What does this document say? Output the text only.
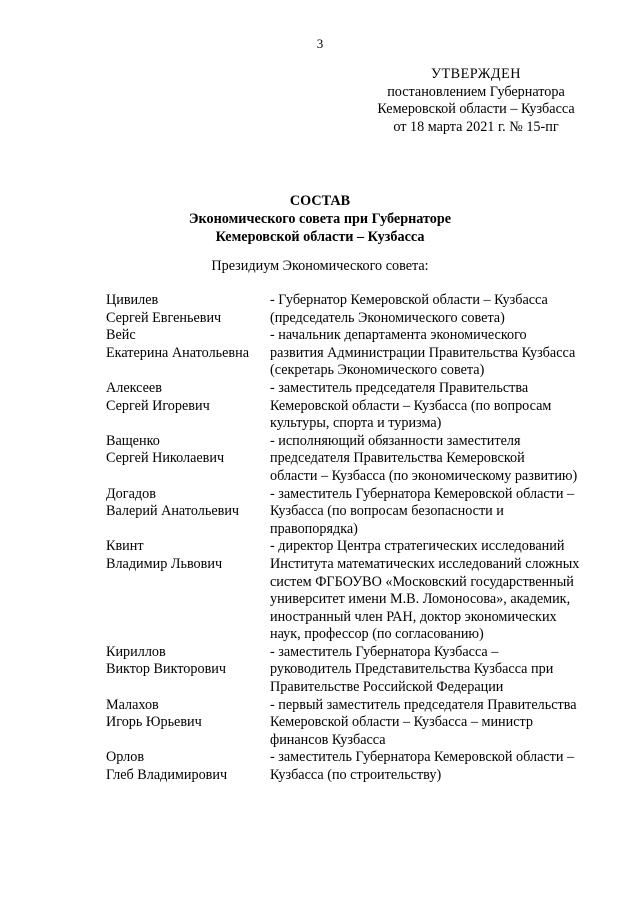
3
УТВЕРЖДЕН
постановлением Губернатора
Кемеровской области – Кузбасса
от 18 марта 2021 г. № 15-пг
СОСТАВ
Экономического совета при Губернаторе
Кемеровской области – Кузбасса
Президиум Экономического совета:
Цивилев
Сергей Евгеньевич
- Губернатор Кемеровской области – Кузбасса
(председатель Экономического совета)
Вейс
Екатерина Анатольевна
- начальник департамента экономического
развития Администрации Правительства Кузбасса
(секретарь Экономического совета)
Алексеев
Сергей Игоревич
- заместитель председателя Правительства
Кемеровской области – Кузбасса (по вопросам
культуры, спорта и туризма)
Ващенко
Сергей Николаевич
- исполняющий обязанности заместителя
председателя Правительства Кемеровской
области – Кузбасса (по экономическому развитию)
Догадов
Валерий Анатольевич
- заместитель Губернатора Кемеровской области –
Кузбасса (по вопросам безопасности и
правопорядка)
Квинт
Владимир Львович
- директор Центра стратегических исследований
Института математических исследований сложных
систем ФГБОУВО «Московский государственный
университет имени М.В. Ломоносова», академик,
иностранный член РАН, доктор экономических
наук, профессор (по согласованию)
Кириллов
Виктор Викторович
- заместитель Губернатора Кузбасса –
руководитель Представительства Кузбасса при
Правительстве Российской Федерации
Малахов
Игорь Юрьевич
- первый заместитель председателя Правительства
Кемеровской области – Кузбасса – министр
финансов Кузбасса
Орлов
Глеб Владимирович
- заместитель Губернатора Кемеровской области –
Кузбасса (по строительству)
